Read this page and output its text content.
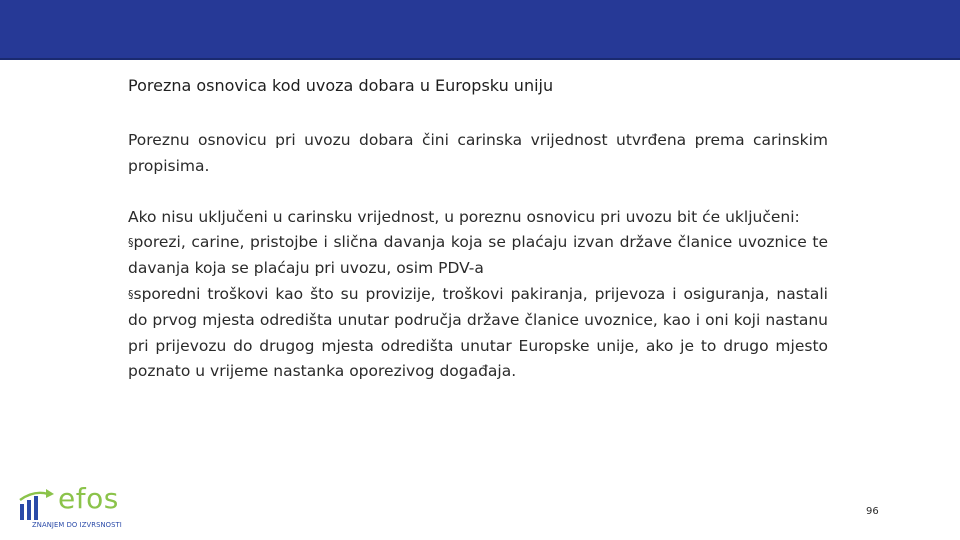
Porezna osnovica kod uvoza dobara u Europsku uniju

Poreznu osnovicu pri uvozu dobara čini carinska vrijednost utvrđena prema carinskim propisima.

Ako nisu uključeni u carinsku vrijednost, u poreznu osnovicu pri uvozu bit će uključeni:

§porezi, carine, pristojbe i slična davanja koja se plaćaju izvan države članice uvoznice te davanja koja se plaćaju pri uvozu, osim PDV-a

§sporedni troškovi kao što su provizije, troškovi pakiranja, prijevoza i osiguranja, nastali do prvog mjesta odredišta unutar područja države članice uvoznice, kao i oni koji nastanu pri prijevozu do drugog mjesta odredišta unutar Europske unije, ako je to drugo mjesto poznato u vrijeme nastanka oporezivog događaja.

efos
ZNANJEM DO IZVRSNOSTI
96
